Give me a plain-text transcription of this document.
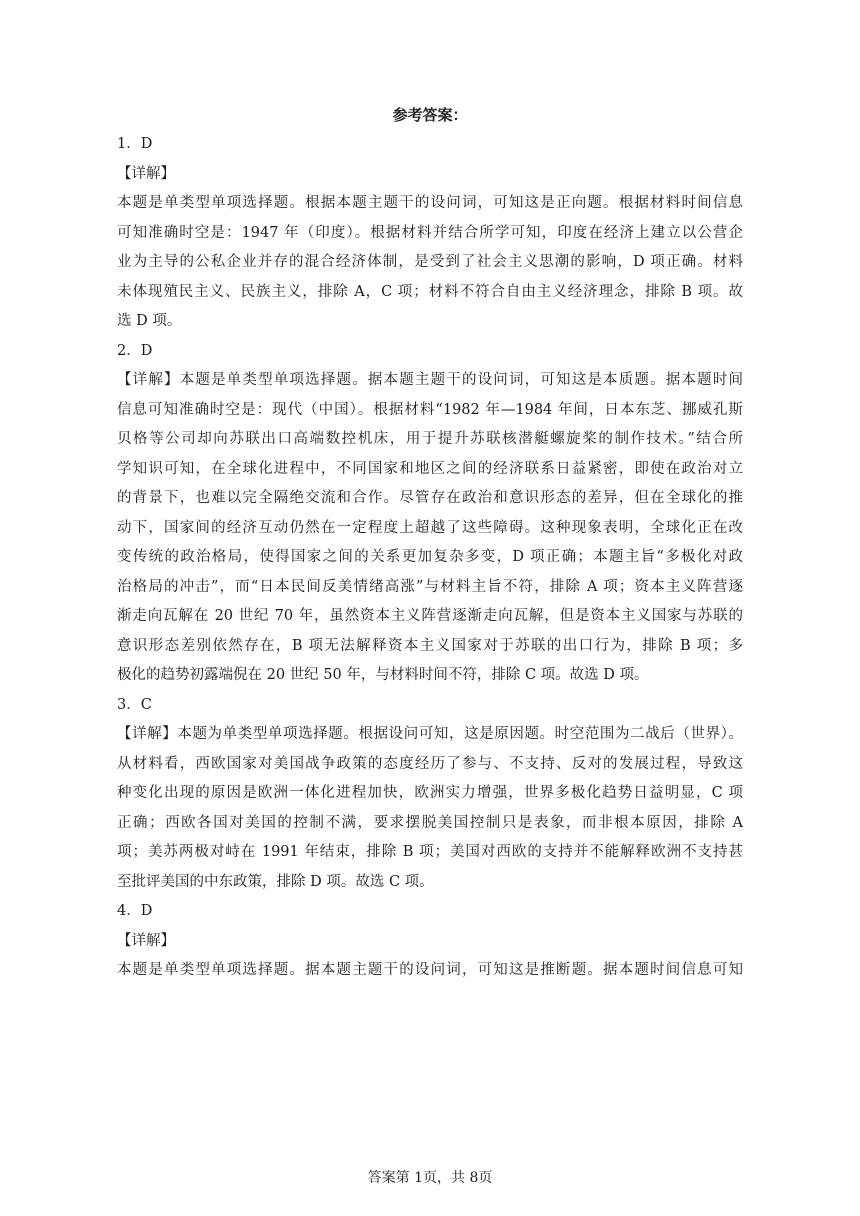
参考答案：
1．D
【详解】
本题是单类型单项选择题。根据本题主题干的设问词，可知这是正向题。根据材料时间信息
可知准确时空是：1947 年（印度）。根据材料并结合所学可知，印度在经济上建立以公营企
业为主导的公私企业并存的混合经济体制，是受到了社会主义思潮的影响，D 项正确。材料
未体现殖民主义、民族主义，排除 A，C 项；材料不符合自由主义经济理念，排除 B 项。故
选 D 项。
2．D
【详解】本题是单类型单项选择题。据本题主题干的设问词，可知这是本质题。据本题时间
信息可知准确时空是：现代（中国）。根据材料“1982 年—1984 年间，日本东芝、挪威孔斯
贝格等公司却向苏联出口高端数控机床，用于提升苏联核潜艇螺旋桨的制作技术。”结合所
学知识可知，在全球化进程中，不同国家和地区之间的经济联系日益紧密，即使在政治对立
的背景下，也难以完全隔绝交流和合作。尽管存在政治和意识形态的差异，但在全球化的推
动下，国家间的经济互动仍然在一定程度上超越了这些障碍。这种现象表明，全球化正在改
变传统的政治格局，使得国家之间的关系更加复杂多变，D 项正确；本题主旨“多极化对政
治格局的冲击”，而“日本民间反美情绪高涨”与材料主旨不符，排除 A 项；资本主义阵营逐
渐走向瓦解在 20 世纪 70 年，虽然资本主义阵营逐渐走向瓦解，但是资本主义国家与苏联的
意识形态差别依然存在，B 项无法解释资本主义国家对于苏联的出口行为，排除 B 项；多
极化的趋势初露端倪在 20 世纪 50 年，与材料时间不符，排除 C 项。故选 D 项。
3．C
【详解】本题为单类型单项选择题。根据设问可知，这是原因题。时空范围为二战后（世界）。
从材料看，西欧国家对美国战争政策的态度经历了参与、不支持、反对的发展过程，导致这
种变化出现的原因是欧洲一体化进程加快，欧洲实力增强，世界多极化趋势日益明显，C 项
正确；西欧各国对美国的控制不满，要求摆脱美国控制只是表象，而非根本原因，排除 A
项；美苏两极对峙在 1991 年结束，排除 B 项；美国对西欧的支持并不能解释欧洲不支持甚
至批评美国的中东政策，排除 D 项。故选 C 项。
4．D
【详解】
本题是单类型单项选择题。据本题主题干的设问词，可知这是推断题。据本题时间信息可知
答案第 1页，共 8页
